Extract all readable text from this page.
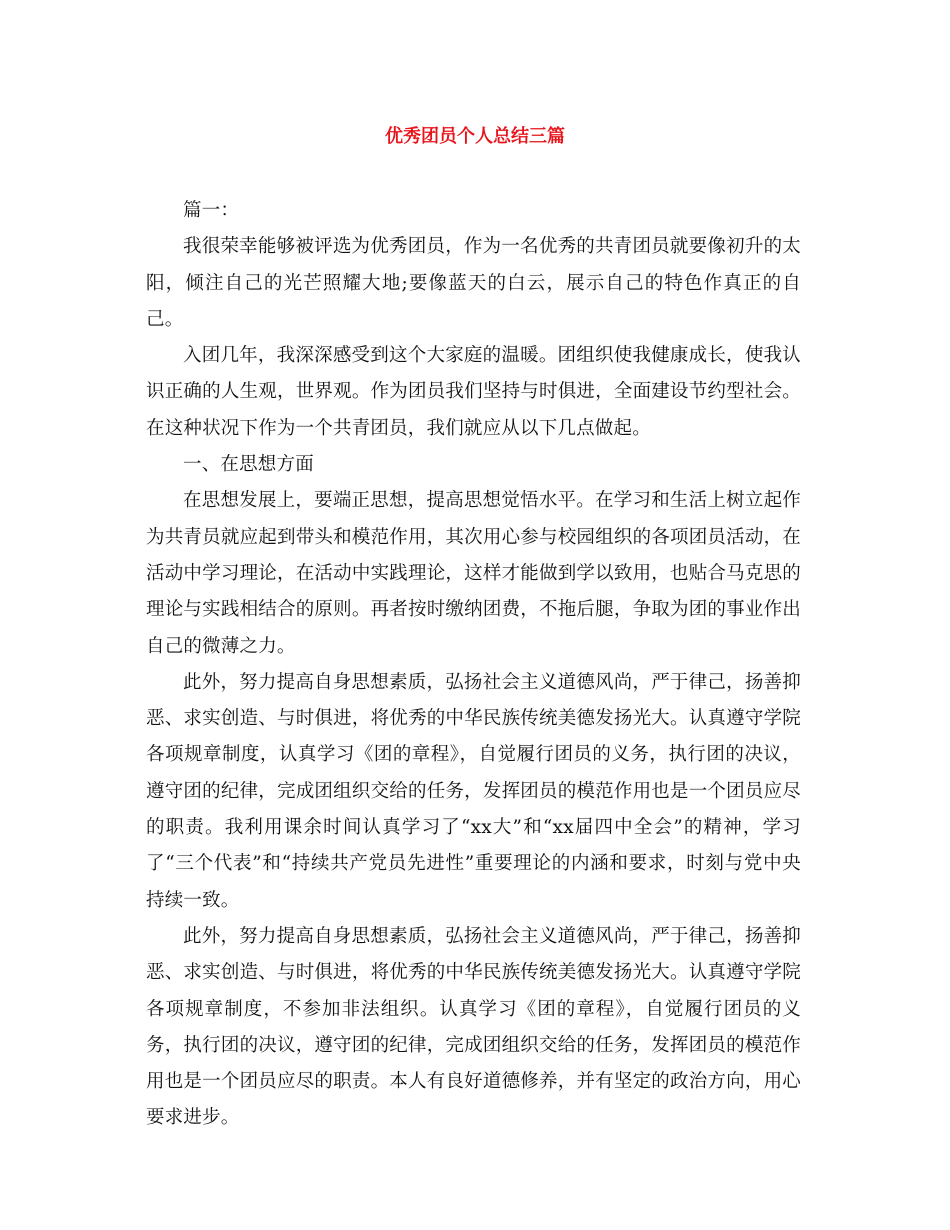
优秀团员个人总结三篇

篇一：

我很荣幸能够被评选为优秀团员，作为一名优秀的共青团员就要像初升的太阳，倾注自己的光芒照耀大地;要像蓝天的白云，展示自己的特色作真正的自己。

入团几年，我深深感受到这个大家庭的温暖。团组织使我健康成长，使我认识正确的人生观，世界观。作为团员我们坚持与时俱进，全面建设节约型社会。在这种状况下作为一个共青团员，我们就应从以下几点做起。

一、在思想方面

在思想发展上，要端正思想，提高思想觉悟水平。在学习和生活上树立起作为共青员就应起到带头和模范作用，其次用心参与校园组织的各项团员活动，在活动中学习理论，在活动中实践理论，这样才能做到学以致用，也贴合马克思的理论与实践相结合的原则。再者按时缴纳团费，不拖后腿，争取为团的事业作出自己的微薄之力。

此外，努力提高自身思想素质，弘扬社会主义道德风尚，严于律己，扬善抑恶、求实创造、与时俱进，将优秀的中华民族传统美德发扬光大。认真遵守学院各项规章制度，认真学习《团的章程》，自觉履行团员的义务，执行团的决议，遵守团的纪律，完成团组织交给的任务，发挥团员的模范作用也是一个团员应尽的职责。我利用课余时间认真学习了“xx大”和“xx届四中全会”的精神，学习了“三个代表”和“持续共产党员先进性”重要理论的内涵和要求，时刻与党中央持续一致。

此外，努力提高自身思想素质，弘扬社会主义道德风尚，严于律己，扬善抑恶、求实创造、与时俱进，将优秀的中华民族传统美德发扬光大。认真遵守学院各项规章制度，不参加非法组织。认真学习《团的章程》，自觉履行团员的义务，执行团的决议，遵守团的纪律，完成团组织交给的任务，发挥团员的模范作用也是一个团员应尽的职责。本人有良好道德修养，并有坚定的政治方向，用心要求进步。
